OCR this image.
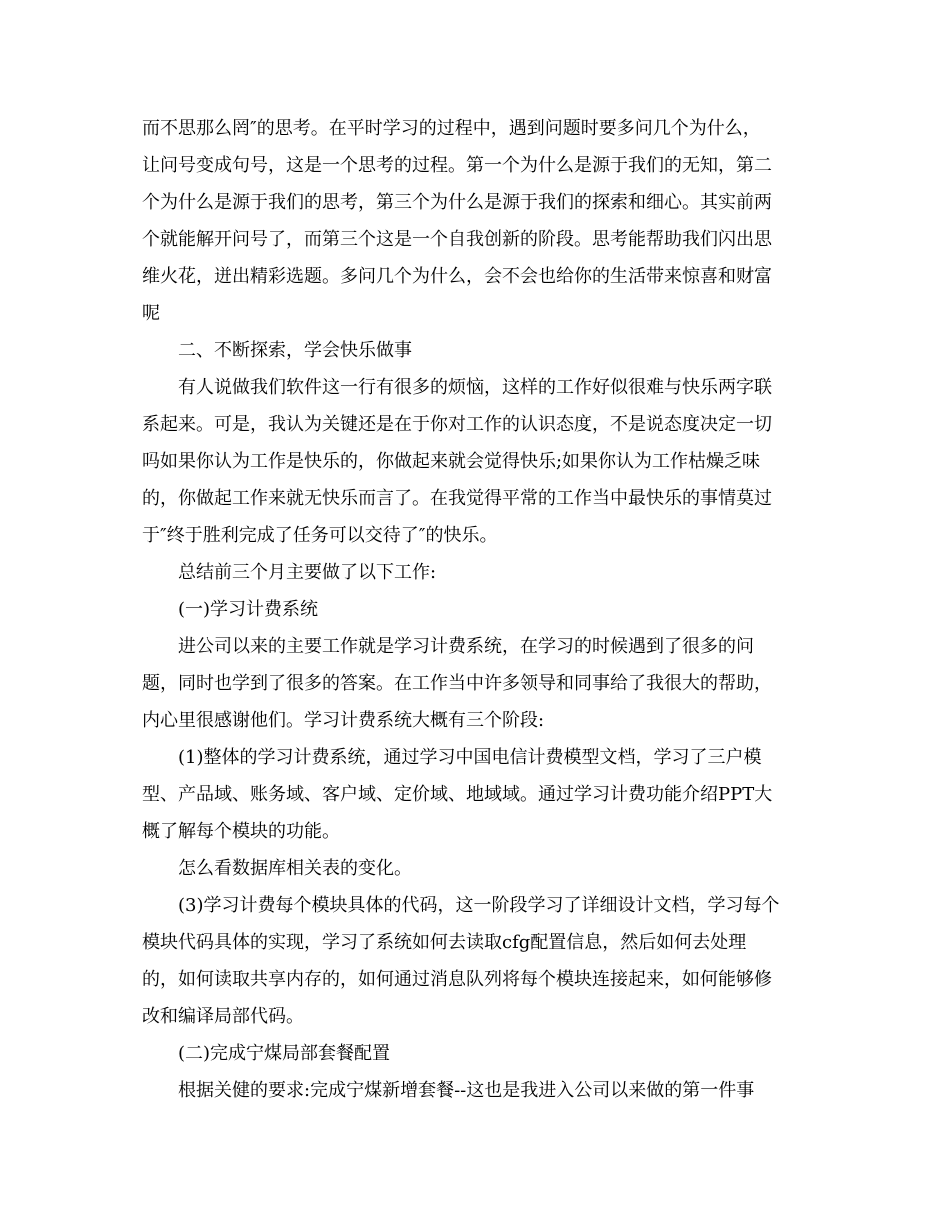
而不思那么罔″的思考。在平时学习的过程中，遇到问题时要多问几个为什么，
让问号变成句号，这是一个思考的过程。第一个为什么是源于我们的无知，第二
个为什么是源于我们的思考，第三个为什么是源于我们的探索和细心。其实前两
个就能解开问号了，而第三个这是一个自我创新的阶段。思考能帮助我们闪出思
维火花，迸出精彩选题。多问几个为什么，会不会也给你的生活带来惊喜和财富
呢
二、不断探索，学会快乐做事
有人说做我们软件这一行有很多的烦恼，这样的工作好似很难与快乐两字联
系起来。可是，我认为关键还是在于你对工作的认识态度，不是说态度决定一切
吗如果你认为工作是快乐的，你做起来就会觉得快乐;如果你认为工作枯燥乏味
的，你做起工作来就无快乐而言了。在我觉得平常的工作当中最快乐的事情莫过
于″终于胜利完成了任务可以交待了″的快乐。
总结前三个月主要做了以下工作:
(一)学习计费系统
进公司以来的主要工作就是学习计费系统，在学习的时候遇到了很多的问
题，同时也学到了很多的答案。在工作当中许多领导和同事给了我很大的帮助，
内心里很感谢他们。学习计费系统大概有三个阶段:
(1)整体的学习计费系统，通过学习中国电信计费模型文档，学习了三户模
型、产品域、账务域、客户域、定价域、地域域。通过学习计费功能介绍PPT大
概了解每个模块的功能。
怎么看数据库相关表的变化。
(3)学习计费每个模块具体的代码，这一阶段学习了详细设计文档，学习每个
模块代码具体的实现，学习了系统如何去读取cfg配置信息，然后如何去处理
的，如何读取共享内存的，如何通过消息队列将每个模块连接起来，如何能够修
改和编译局部代码。
(二)完成宁煤局部套餐配置
根据关健的要求:完成宁煤新增套餐--这也是我进入公司以来做的第一件事
